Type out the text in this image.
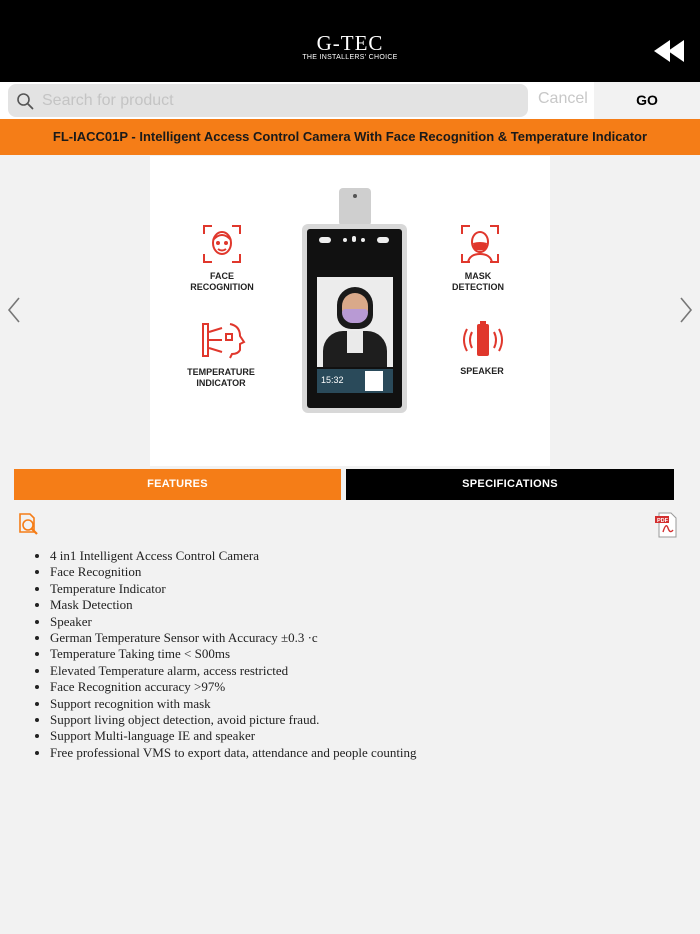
G-TEC
THE INSTALLERS' CHOICE
Search for product
Cancel	GO
FL-IACC01P - Intelligent Access Control Camera With Face Recognition & Temperature Indicator
FACE
RECOGNITION
TEMPERATURE
INDICATOR
MASK
DETECTION
SPEAKER
15:32
FEATURES	SPECIFICATIONS
PDF
• 4 in1 Intelligent Access Control Camera
• Face Recognition
• Temperature Indicator
• Mask Detection
• Speaker
• German Temperature Sensor with Accuracy ±0.3 ·c
• Temperature Taking time < S00ms
• Elevated Temperature alarm, access restricted
• Face Recognition accuracy >97%
• Support recognition with mask
• Support living object detection, avoid picture fraud.
• Support Multi-language IE and speaker
• Free professional VMS to export data, attendance and people counting
